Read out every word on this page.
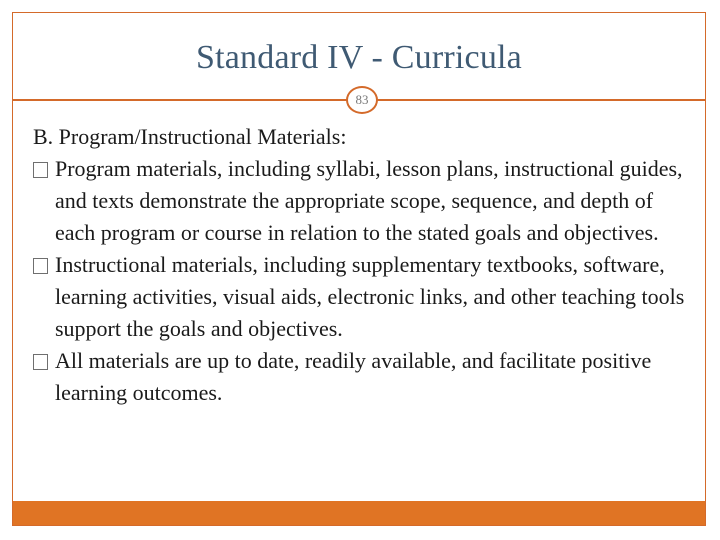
Standard IV - Curricula
83

B. Program/Instructional Materials:

Program materials, including syllabi, lesson plans, instructional guides, and texts demonstrate the appropriate scope, sequence, and depth of each program or course in relation to the stated goals and objectives.

Instructional materials, including supplementary textbooks, software, learning activities, visual aids, electronic links, and other teaching tools support the goals and objectives.

All materials are up to date, readily available, and facilitate positive learning outcomes.
